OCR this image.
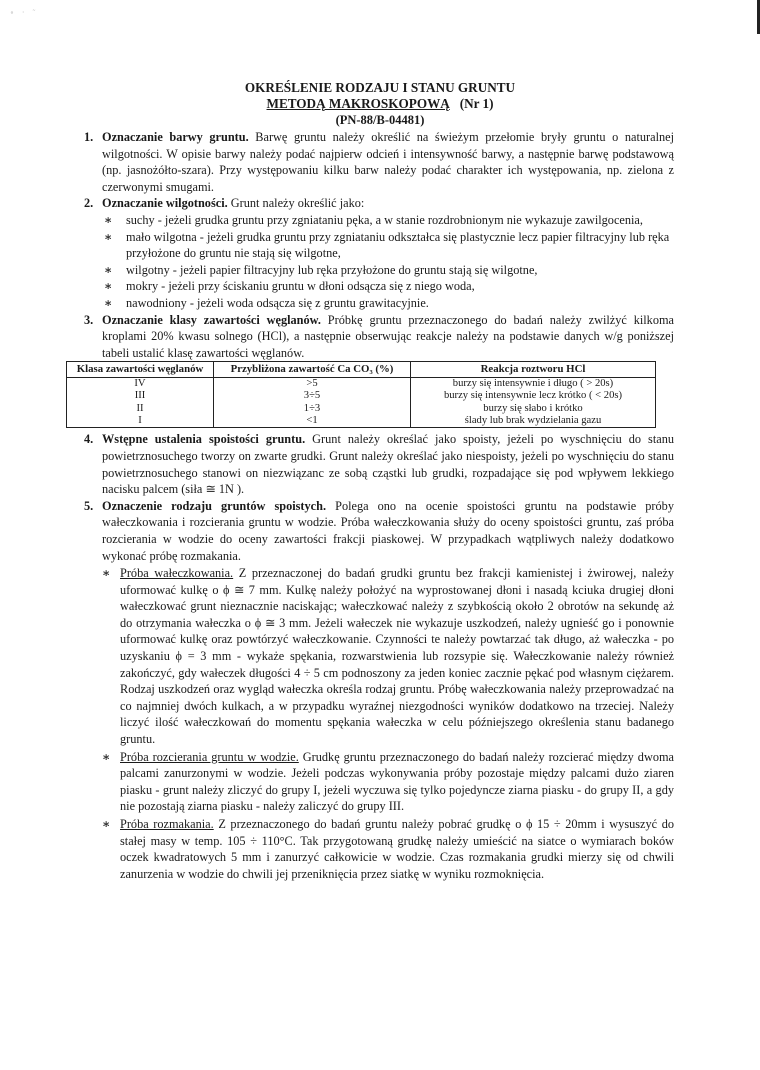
∘ · ˜
OKREŚLENIE RODZAJU I STANU GRUNTU
METODĄ MAKROSKOPOWĄ (Nr 1)
(PN-88/B-04481)
1. Oznaczanie barwy gruntu. Barwę gruntu należy określić na świeżym przełomie bryły gruntu o naturalnej wilgotności. W opisie barwy należy podać najpierw odcień i intensywność barwy, a następnie barwę podstawową (np. jasnożółto-szara). Przy występowaniu kilku barw należy podać charakter ich występowania, np. zielona z czerwonymi smugami.
2. Oznaczanie wilgotności. Grunt należy określić jako:
∗	suchy - jeżeli grudka gruntu przy zgniataniu pęka, a w stanie rozdrobnionym nie wykazuje zawilgocenia,
∗	mało wilgotna - jeżeli grudka gruntu przy zgniataniu odkształca się plastycznie lecz papier filtracyjny lub ręka przyłożone do gruntu nie stają się wilgotne,
∗	wilgotny - jeżeli papier filtracyjny lub ręka przyłożone do gruntu stają się wilgotne,
∗	mokry - jeżeli przy ściskaniu gruntu w dłoni odsącza się z niego woda,
∗	nawodniony - jeżeli woda odsącza się z gruntu grawitacyjnie.
3. Oznaczanie klasy zawartości węglanów. Próbkę gruntu przeznaczonego do badań należy zwilżyć kilkoma kroplami 20% kwasu solnego (HCl), a następnie obserwując reakcje należy na podstawie danych w/g poniższej tabeli ustalić klasę zawartości węglanów.
Klasa zawartości węglanów	Przybliżona zawartość Ca CO₃ (%)	Reakcja roztworu HCl
IV	>5	burzy się intensywnie i długo ( > 20s)
III	3÷5	burzy się intensywnie lecz krótko ( < 20s)
II	1÷3	burzy się słabo i krótko
I	<1	ślady lub brak wydzielania gazu
4. Wstępne ustalenia spoistości gruntu. Grunt należy określać jako spoisty, jeżeli po wyschnięciu do stanu powietrznosuchego tworzy on zwarte grudki. Grunt należy określać jako niespoisty, jeżeli po wyschnięciu do stanu powietrznosuchego stanowi on niezwiązanc ze sobą cząstki lub grudki, rozpadające się pod wpływem lekkiego nacisku palcem (siła ≅ 1N ).
5. Oznaczenie rodzaju gruntów spoistych. Polega ono na ocenie spoistości gruntu na podstawie próby wałeczkowania i rozcierania gruntu w wodzie. Próba wałeczkowania służy do oceny spoistości gruntu, zaś próba rozcierania w wodzie do oceny zawartości frakcji piaskowej. W przypadkach wątpliwych należy dodatkowo wykonać próbę rozmakania.
∗ Próba wałeczkowania. Z przeznaczonej do badań grudki gruntu bez frakcji kamienistej i żwirowej, należy uformować kulkę o ϕ ≅ 7 mm. Kulkę należy położyć na wyprostowanej dłoni i nasadą kciuka drugiej dłoni wałeczkować grunt nieznacznie naciskając; wałeczkować należy z szybkością około 2 obrotów na sekundę aż do otrzymania wałeczka o ϕ ≅ 3 mm. Jeżeli wałeczek nie wykazuje uszkodzeń, należy ugnieść go i ponownie uformować kulkę oraz powtórzyć wałeczkowanie. Czynności te należy powtarzać tak długo, aż wałeczka - po uzyskaniu ϕ = 3 mm - wykaże spękania, rozwarstwienia lub rozsypie się. Wałeczkowanie należy również zakończyć, gdy wałeczek długości 4 ÷ 5 cm podnoszony za jeden koniec zacznie pękać pod własnym ciężarem. Rodzaj uszkodzeń oraz wygląd wałeczka określa rodzaj gruntu. Próbę wałeczkowania należy przeprowadzać na co najmniej dwóch kulkach, a w przypadku wyraźnej niezgodności wyników dodatkowo na trzeciej. Należy liczyć ilość wałeczkowań do momentu spękania wałeczka w celu późniejszego określenia stanu badanego gruntu.
∗ Próba rozcierania gruntu w wodzie. Grudkę gruntu przeznaczonego do badań należy rozcierać między dwoma palcami zanurzonymi w wodzie. Jeżeli podczas wykonywania próby pozostaje między palcami dużo ziaren piasku - grunt należy zliczyć do grupy I, jeżeli wyczuwa się tylko pojedyncze ziarna piasku - do grupy II, a gdy nie pozostają ziarna piasku - należy zaliczyć do grupy III.
∗ Próba rozmakania. Z przeznaczonego do badań gruntu należy pobrać grudkę o ϕ 15 ÷ 20mm i wysuszyć do stałej masy w temp. 105 ÷ 110°C. Tak przygotowaną grudkę należy umieścić na siatce o wymiarach boków oczek kwadratowych 5 mm i zanurzyć całkowicie w wodzie. Czas rozmakania grudki mierzy się od chwili zanurzenia w wodzie do chwili jej przeniknięcia przez siatkę w wyniku rozmoknięcia.
